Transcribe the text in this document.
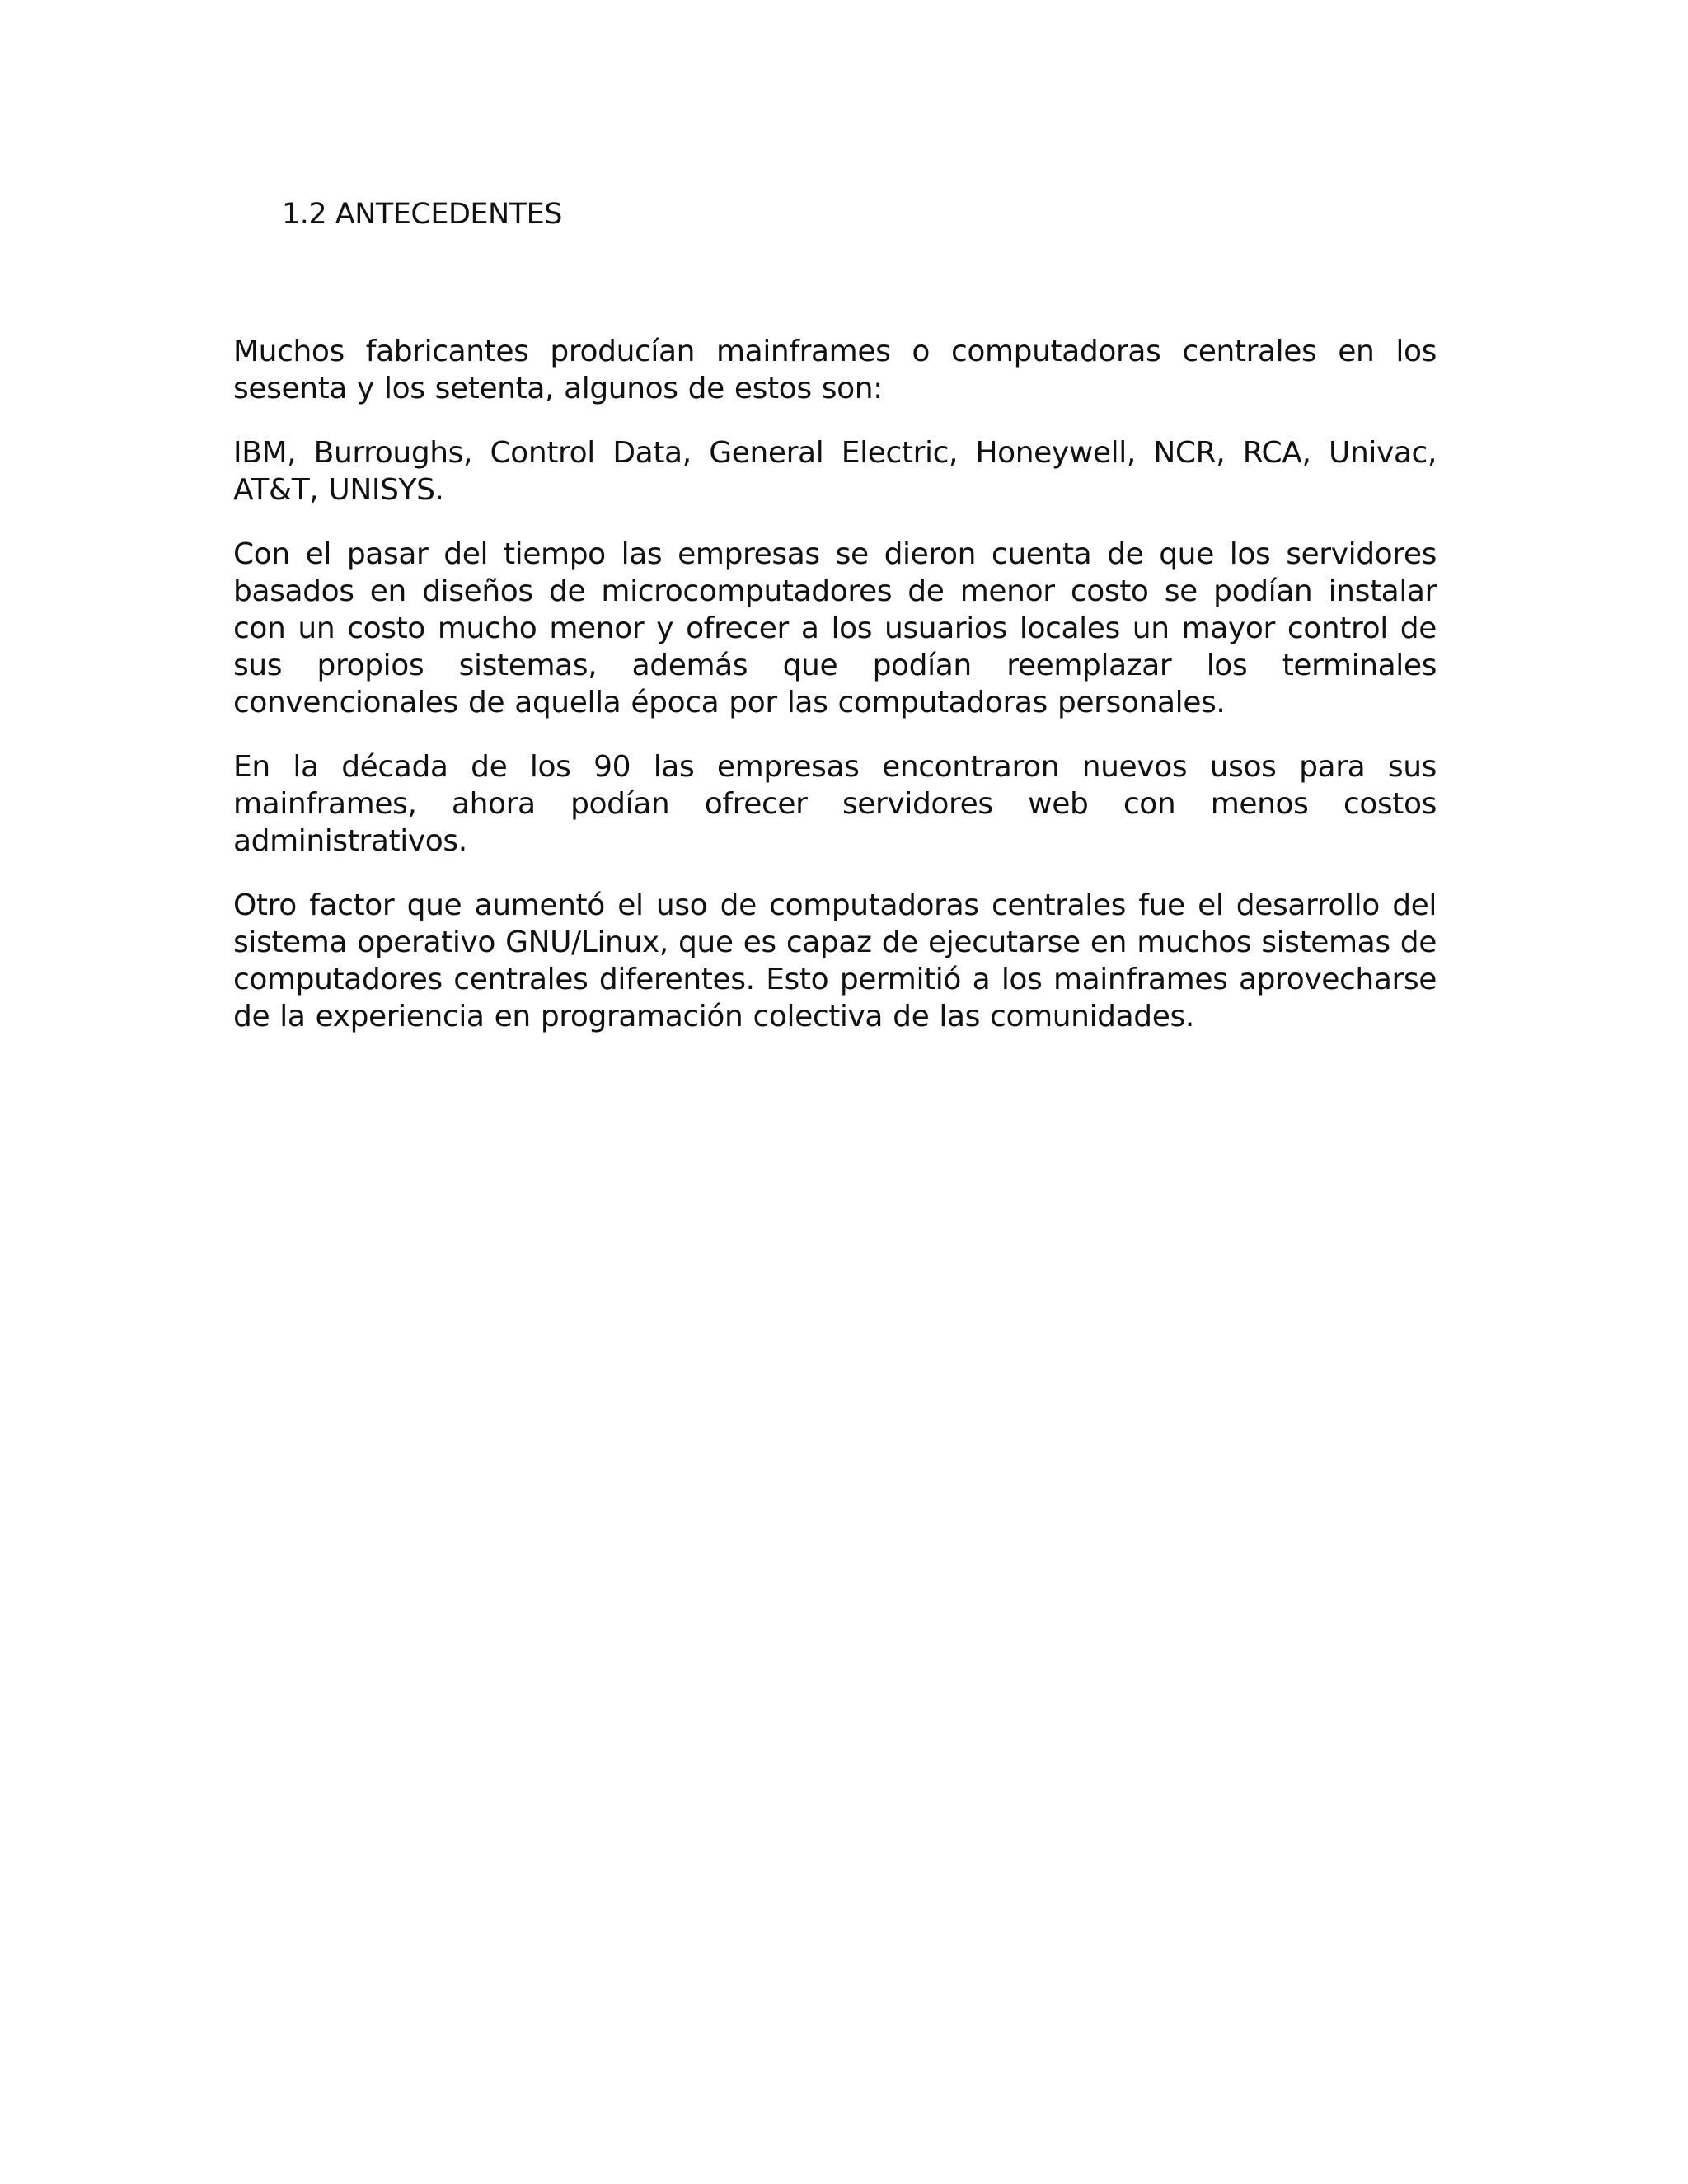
1.2 ANTECEDENTES

Muchos fabricantes producían mainframes o computadoras centrales en los sesenta y los setenta, algunos de estos son:

IBM, Burroughs, Control Data, General Electric, Honeywell, NCR, RCA, Univac, AT&T, UNISYS.

Con el pasar del tiempo las empresas se dieron cuenta de que los servidores basados en diseños de microcomputadores de menor costo se podían instalar con un costo mucho menor y ofrecer a los usuarios locales un mayor control de sus propios sistemas, además que podían reemplazar los terminales convencionales de aquella época por las computadoras personales.

En la década de los 90 las empresas encontraron nuevos usos para sus mainframes, ahora podían ofrecer servidores web con menos costos administrativos.

Otro factor que aumentó el uso de computadoras centrales fue el desarrollo del sistema operativo GNU/Linux, que es capaz de ejecutarse en muchos sistemas de computadores centrales diferentes. Esto permitió a los mainframes aprovecharse de la experiencia en programación colectiva de las comunidades.
